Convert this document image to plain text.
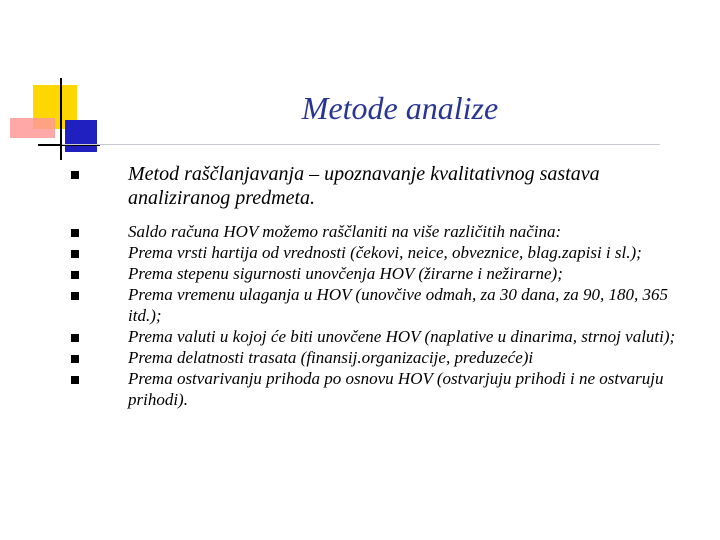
Metode analize
Metod raščlanjavanja – upoznavanje kvalitativnog sastava analiziranog predmeta.
Saldo računa HOV možemo raščlaniti na više različitih načina:
Prema vrsti hartija od vrednosti (čekovi, neice, obveznice, blag.zapisi i sl.);
Prema stepenu sigurnosti unovčenja HOV (žirarne i nežirarne);
Prema vremenu ulaganja u HOV (unovčive odmah, za 30 dana, za 90, 180, 365 itd.);
Prema valuti u kojoj će biti unovčene HOV (naplative u dinarima, strnoj valuti);
Prema delatnosti trasata (finansij.organizacije, preduzeće)i
Prema ostvarivanju prihoda po osnovu HOV (ostvarjuju prihodi i ne ostvaruju prihodi).
